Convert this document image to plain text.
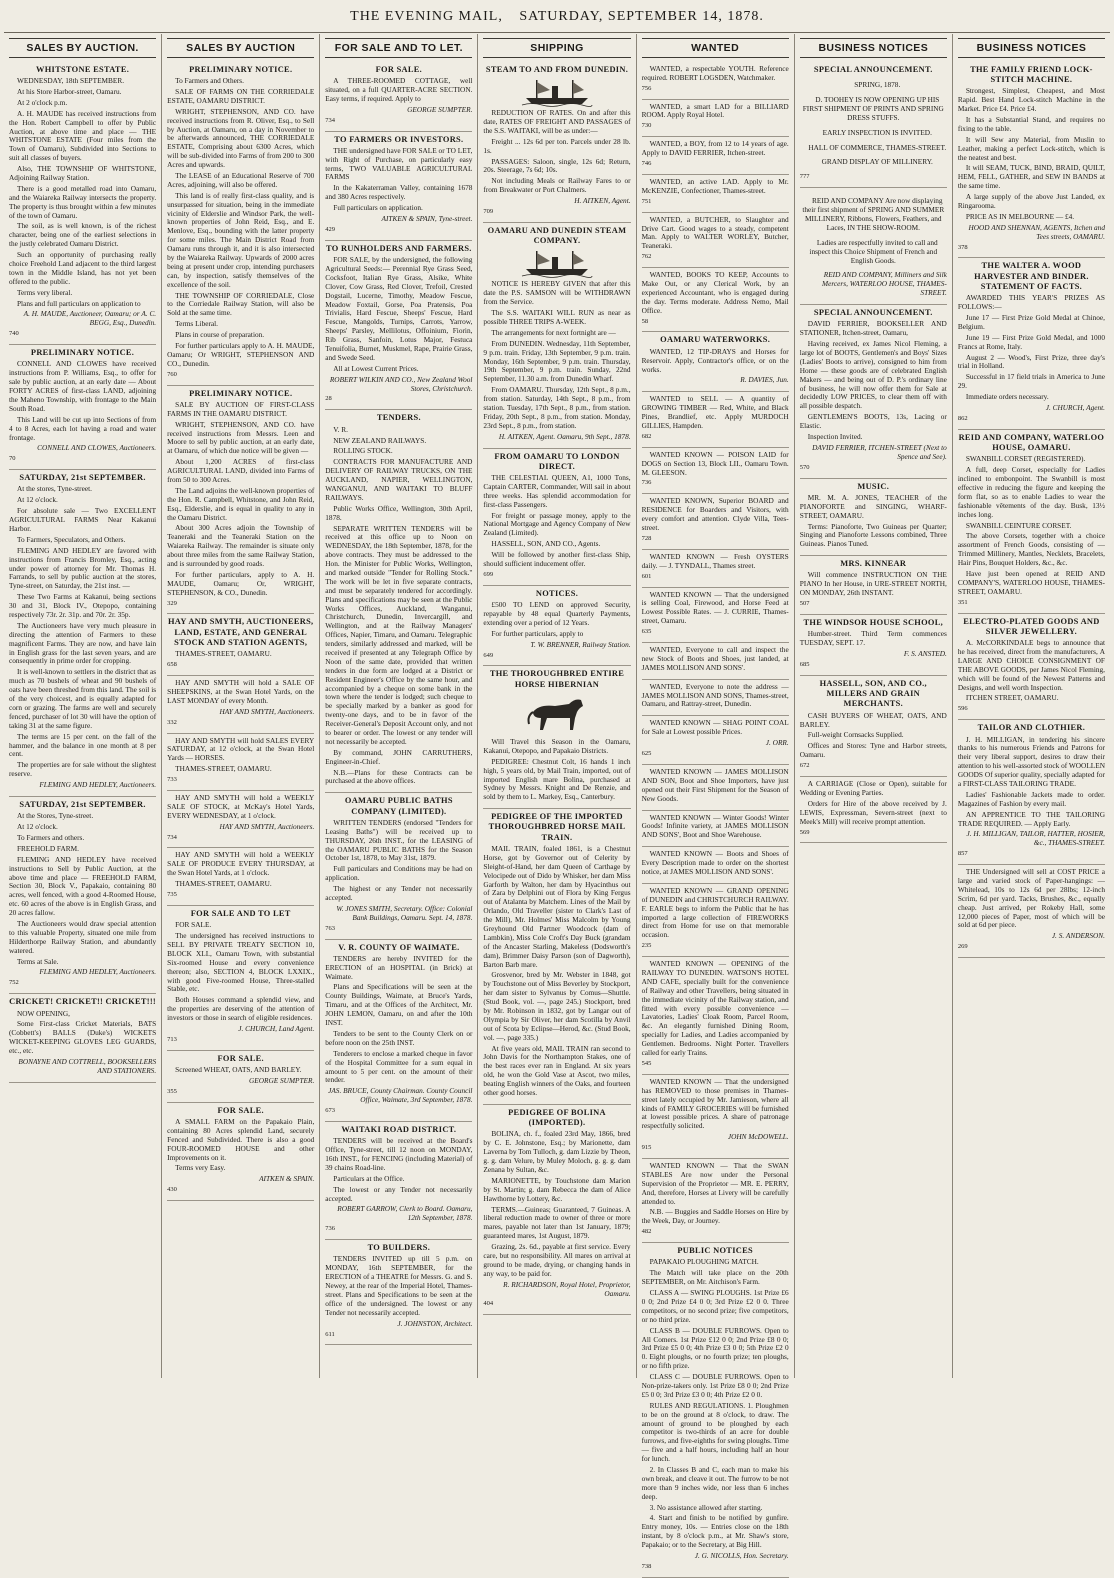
THE EVENING MAIL, SATURDAY, SEPTEMBER 14, 1878.
SALES BY AUCTION.

WHITSTONE ESTATE.

WEDNESDAY, 18th SEPTEMBER.

At his Store Harbor-street, Oamaru.

At 2 o'clock p.m.

A. H. MAUDE has received instructions from the Hon. Robert Campbell to offer by Public Auction, at above time and place — THE WHITSTONE ESTATE (Four miles from the Town of Oamaru), Subdivided into Sections to suit all classes of buyers.

Also, THE TOWNSHIP OF WHITSTONE, Adjoining Railway Station.

There is a good metalled road into Oamaru, and the Waiareka Railway intersects the property. The property is thus brought within a few minutes of the town of Oamaru.

The soil, as is well known, is of the richest character, being one of the earliest selections in the justly celebrated Oamaru District.

Such an opportunity of purchasing really choice Freehold Land adjacent to the third largest town in the Middle Island, has not yet been offered to the public.

Terms very liberal.

Plans and full particulars on application to

A. H. MAUDE, Auctioneer, Oamaru; or A. C. BEGG, Esq., Dunedin.

740

PRELIMINARY NOTICE.

CONNELL AND CLOWES have received instructions from P. Williams, Esq., to offer for sale by public auction, at an early date — About FORTY ACRES of first-class LAND, adjoining the Maheno Township, with frontage to the Main South Road.

This Land will be cut up into Sections of from 4 to 8 Acres, each lot having a road and water frontage.

CONNELL AND CLOWES, Auctioneers.

70

SATURDAY, 21st SEPTEMBER.

At the stores, Tyne-street.

At 12 o'clock.

For absolute sale — Two EXCELLENT AGRICULTURAL FARMS Near Kakanui Harbor.

To Farmers, Speculators, and Others.

FLEMING AND HEDLEY are favored with instructions from Francis Bromley, Esq., acting under power of attorney for Mr. Thomas H. Farrands, to sell by public auction at the stores, Tyne-street, on Saturday, the 21st inst. —

These Two Farms at Kakanui, being sections 30 and 31, Block IV., Otepopo, containing respectively 73r. 2r. 31p. and 70r. 2r. 35p.

The Auctioneers have very much pleasure in directing the attention of Farmers to these magnificent Farms. They are now, and have lain in English grass for the last seven years, and are consequently in prime order for cropping.

It is well-known to settlers in the district that as much as 70 bushels of wheat and 90 bushels of oats have been threshed from this land. The soil is of the very choicest, and is equally adapted for corn or grazing. The farms are well and securely fenced, purchaser of lot 30 will have the option of taking 31 at the same figure.

The terms are 15 per cent. on the fall of the hammer, and the balance in one month at 8 per cent.

The properties are for sale without the slightest reserve.

FLEMING AND HEDLEY, Auctioneers.

SATURDAY, 21st SEPTEMBER.

At the Stores, Tyne-street.

At 12 o'clock.

To Farmers and others.

FREEHOLD FARM.

FLEMING AND HEDLEY have received instructions to Sell by Public Auction, at the above time and place — FREEHOLD FARM, Section 30, Block V., Papakaio, containing 80 acres, well fenced, with a good 4-Roomed House, etc. 60 acres of the above is in English Grass, and 20 acres fallow.

The Auctioneers would draw special attention to this valuable Property, situated one mile from Hilderthorpe Railway Station, and abundantly watered.

Terms at Sale.

FLEMING AND HEDLEY, Auctioneers.

752

CRICKET! CRICKET!! CRICKET!!!

NOW OPENING,

Some First-class Cricket Materials, BATS (Cobbett's) BALLS (Duke's) WICKETS WICKET-KEEPING GLOVES LEG GUARDS, etc., etc.

BONAYNE AND COTTRELL, BOOKSELLERS AND STATIONERS.

SALES BY AUCTION

PRELIMINARY NOTICE.

To Farmers and Others.

SALE OF FARMS ON THE CORRIEDALE ESTATE, OAMARU DISTRICT.

WRIGHT, STEPHENSON, AND CO. have received instructions from R. Oliver, Esq., to Sell by Auction, at Oamaru, on a day in November to be afterwards announced, THE CORRIEDALE ESTATE, Comprising about 6300 Acres, which will be sub-divided into Farms of from 200 to 300 Acres and upwards.

The LEASE of an Educational Reserve of 700 Acres, adjoining, will also be offered.

This land is of really first-class quality, and is unsurpassed for situation, being in the immediate vicinity of Elderslie and Windsor Park, the well-known properties of John Reid, Esq., and E. Menlove, Esq., bounding with the latter property for some miles. The Main District Road from Oamaru runs through it, and it is also intersected by the Waiareka Railway. Upwards of 2000 acres being at present under crop, intending purchasers can, by inspection, satisfy themselves of the excellence of the soil.

THE TOWNSHIP OF CORRIEDALE, Close to the Corriedale Railway Station, will also be Sold at the same time.

Terms Liberal.

Plans in course of preparation.

For further particulars apply to A. H. MAUDE, Oamaru; Or WRIGHT, STEPHENSON AND CO., Dunedin.

760

PRELIMINARY NOTICE.

SALE BY AUCTION OF FIRST-CLASS FARMS IN THE OAMARU DISTRICT.

WRIGHT, STEPHENSON, AND CO. have received instructions from Messrs. Leen and Moore to sell by public auction, at an early date, at Oamaru, of which due notice will be given —

About 1,200 ACRES of first-class AGRICULTURAL LAND, divided into Farms of from 50 to 300 Acres.

The Land adjoins the well-known properties of the Hon. R. Campbell, Whitstone, and John Reid, Esq., Elderslie, and is equal in quality to any in the Oamaru District.

About 300 Acres adjoin the Township of Teaneraki and the Teaneraki Station on the Waiareka Railway. The remainder is situate only about three miles from the same Railway Station, and is surrounded by good roads.

For further particulars, apply to A. H. MAUDE, Oamaru; Or, WRIGHT, STEPHENSON, & CO., Dunedin.

329

HAY AND SMYTH, AUCTIONEERS, LAND, ESTATE, AND GENERAL STOCK AND STATION AGENTS,

THAMES-STREET, OAMARU.

658

HAY AND SMYTH will hold a SALE OF SHEEPSKINS, at the Swan Hotel Yards, on the LAST MONDAY of every Month.

HAY AND SMYTH, Auctioneers.

332

HAY AND SMYTH will hold SALES EVERY SATURDAY, at 12 o'clock, at the Swan Hotel Yards — HORSES.

THAMES-STREET, OAMARU.

733

HAY AND SMYTH will hold a WEEKLY SALE OF STOCK, at McKay's Hotel Yards, EVERY WEDNESDAY, at 1 o'clock.

HAY AND SMYTH, Auctioneers.

734

HAY AND SMYTH will hold a WEEKLY SALE OF PRODUCE EVERY THURSDAY, at the Swan Hotel Yards, at 1 o'clock.

THAMES-STREET, OAMARU.

735

FOR SALE AND TO LET

FOR SALE.

The undersigned has received instructions to SELL BY PRIVATE TREATY SECTION 10, BLOCK XLI., Oamaru Town, with substantial Six-roomed House and every convenience thereon; also, SECTION 4, BLOCK LXXIX., with good Five-roomed House, Three-stalled Stable, etc.

Both Houses command a splendid view, and the properties are deserving of the attention of investors or those in search of eligible residences.

J. CHURCH, Land Agent.

713

FOR SALE.

Screened WHEAT, OATS, AND BARLEY.

GEORGE SUMPTER.

355

FOR SALE.

A SMALL FARM on the Papakaio Plain, containing 80 Acres splendid Land, securely Fenced and Subdivided. There is also a good FOUR-ROOMED HOUSE and other Improvements on it.

Terms very Easy.

AITKEN & SPAIN.

430

FOR SALE AND TO LET.

FOR SALE.

A THREE-ROOMED COTTAGE, well situated, on a full QUARTER-ACRE SECTION. Easy terms, if required. Apply to

GEORGE SUMPTER.

734

TO FARMERS OR INVESTORS.

THE undersigned have FOR SALE or TO LET, with Right of Purchase, on particularly easy terms, TWO VALUABLE AGRICULTURAL FARMS

In the Kakaterraman Valley, containing 1678 and 380 Acres respectively.

Full particulars on application.

AITKEN & SPAIN, Tyne-street.

429

TO RUNHOLDERS AND FARMERS.

FOR SALE, by the undersigned, the following Agricultural Seeds:— Perennial Rye Grass Seed, Cocksfoot, Italian Rye Grass, Alsike, White Clover, Cow Grass, Red Clover, Trefoil, Crested Dogstail, Lucerne, Timothy, Meadow Fescue, Meadow Foxtail, Gorse, Poa Pratensis, Poa Trivialis, Hard Fescue, Sheeps' Fescue, Hard Fescue, Mangolds, Turnips, Carrots, Yarrow, Sheeps' Parsley, Mellilotus, Offoinium, Fiorin, Rib Grass, Sanfoin, Lotus Major, Festuca Tenuifolia, Burnet, Muskmel, Rape, Prairie Grass, and Swede Seed.

All at Lowest Current Prices.

ROBERT WILKIN AND CO., New Zealand Wool Stores, Christchurch.

28

TENDERS.

V. R.

NEW ZEALAND RAILWAYS.

ROLLING STOCK.

CONTRACTS FOR MANUFACTURE AND DELIVERY OF RAILWAY TRUCKS, ON THE AUCKLAND, NAPIER, WELLINGTON, WANGANUI, AND WAITAKI TO BLUFF RAILWAYS.

Public Works Office, Wellington, 30th April, 1878.

SEPARATE WRITTEN TENDERS will be received at this office up to Noon on WEDNESDAY, the 18th September, 1878, for the above contracts. They must be addressed to the Hon. the Minister for Public Works, Wellington, and marked outside "Tender for Rolling Stock." The work will be let in five separate contracts, and must be separately tendered for accordingly. Plans and specifications may be seen at the Public Works Offices, Auckland, Wanganui, Christchurch, Dunedin, Invercargill, and Wellington, and at the Railway Managers' Offices, Napier, Timaru, and Oamaru. Telegraphic tenders, similarly addressed and marked, will be received if presented at any Telegraph Office by Noon of the same date, provided that written tenders in due form are lodged at a District or Resident Engineer's Office by the same hour, and accompanied by a cheque on some bank in the town where the tender is lodged; such cheque to be specially marked by a banker as good for twenty-one days, and to be in favor of the Receiver-General's Deposit Account only, and not to bearer or order. The lowest or any tender will not necessarily be accepted.

By command, JOHN CARRUTHERS, Engineer-in-Chief.

N.B.—Plans for these Contracts can be purchased at the above offices.

OAMARU PUBLIC BATHS COMPANY (LIMITED).

WRITTEN TENDERS (endorsed "Tenders for Leasing Baths") will be received up to THURSDAY, 26th INST., for the LEASING of the OAMARU PUBLIC BATHS for the Season October 1st, 1878, to May 31st, 1879.

Full particulars and Conditions may be had on application.

The highest or any Tender not necessarily accepted.

W. JONES SMITH, Secretary. Office: Colonial Bank Buildings, Oamaru. Sept. 14, 1878.

763

V. R. COUNTY OF WAIMATE.

TENDERS are hereby INVITED for the ERECTION of an HOSPITAL (in Brick) at Waimate.

Plans and Specifications will be seen at the County Buildings, Waimate, at Bruce's Yards, Timaru, and at the Offices of the Architect, Mr. JOHN LEMON, Oamaru, on and after the 10th INST.

Tenders to be sent to the County Clerk on or before noon on the 25th INST.

Tenderers to enclose a marked cheque in favor of the Hospital Committee for a sum equal in amount to 5 per cent. on the amount of their tender.

JAS. BRUCE, County Chairman. County Council Office, Waimate, 3rd September, 1878.

673

WAITAKI ROAD DISTRICT.

TENDERS will be received at the Board's Office, Tyne-street, till 12 noon on MONDAY, 16th INST., for FENCING (including Material) of 39 chains Road-line.

Particulars at the Office.

The lowest or any Tender not necessarily accepted.

ROBERT GARROW, Clerk to Board. Oamaru, 12th September, 1878.

736

TO BUILDERS.

TENDERS INVITED up till 5 p.m. on MONDAY, 16th SEPTEMBER, for the ERECTION of a THEATRE for Messrs. G. and S. Newey, at the rear of the Imperial Hotel, Thames-street. Plans and Specifications to be seen at the office of the undersigned. The lowest or any Tender not necessarily accepted.

J. JOHNSTON, Architect.

611

SHIPPING

STEAM TO AND FROM DUNEDIN.

REDUCTION OF RATES. On and after this date, RATES OF FREIGHT AND PASSAGES of the S.S. WAITAKI, will be as under:—

Freight ... 12s 6d per ton. Parcels under 28 lb. 1s.

PASSAGES: Saloon, single, 12s 6d; Return, 20s. Steerage, 7s 6d; 10s.

Not including Meals or Railway Fares to or from Breakwater or Port Chalmers.

H. AITKEN, Agent.

709

OAMARU AND DUNEDIN STEAM COMPANY.

NOTICE IS HEREBY GIVEN that after this date the P.S. SAMSON will be WITHDRAWN from the Service.

The S.S. WAITAKI WILL RUN as near as possible THREE TRIPS A-WEEK.

The arrangements for next fortnight are —

From DUNEDIN. Wednesday, 11th September, 9 p.m. train. Friday, 13th September, 9 p.m. train. Monday, 16th September, 9 p.m. train. Thursday, 19th September, 9 p.m. train. Sunday, 22nd September, 11.30 a.m. from Dunedin Wharf.

From OAMARU. Thursday, 12th Sept., 8 p.m., from station. Saturday, 14th Sept., 8 p.m., from station. Tuesday, 17th Sept., 8 p.m., from station. Friday, 20th Sept., 8 p.m., from station. Monday, 23rd Sept., 8 p.m., from station.

H. AITKEN, Agent. Oamaru, 9th Sept., 1878.

FROM OAMARU TO LONDON DIRECT.

THE CELESTIAL QUEEN, A1, 1000 Tons, Captain CARTER, Commander, Will sail in about three weeks. Has splendid accommodation for first-class Passengers.

For freight or passage money, apply to the National Mortgage and Agency Company of New Zealand (Limited).

HASSELL, SON, AND CO., Agents.

Will be followed by another first-class Ship, should sufficient inducement offer.

699

NOTICES.

£500 TO LEND on approved Security, repayable by 48 equal Quarterly Payments, extending over a period of 12 Years.

For further particulars, apply to

T. W. BRENNER, Railway Station.

649

THE THOROUGHBRED ENTIRE HORSE HIBERNIAN

Will Travel this Season in the Oamaru, Kakanui, Otepopo, and Papakaio Districts.

PEDIGREE: Chestnut Colt, 16 hands 1 inch high, 5 years old, by Mail Train, imported, out of imported English mare Bolina, purchased at Sydney by Messrs. Knight and De Renzie, and sold by them to L. Markey, Esq., Canterbury.

PEDIGREE OF THE IMPORTED THOROUGHBRED HORSE MAIL TRAIN.

MAIL TRAIN, foaled 1861, is a Chestnut Horse, got by Governor out of Celerity by Sleight-of-Hand, her dam Queen of Carthage by Velocipede out of Dido by Whisker, her dam Miss Garforth by Walton, her dam by Hyacinthus out of Zara by Delphini out of Flora by King Fergus out of Atalanta by Matchem. Lines of the Mail by Orlando, Old Traveller (sister to Clark's Last of the Mill), Mr. Holmes' Miss Malcolm by Young Greyhound Old Partner Woodcock (dam of Lambkin), Miss Cole Croft's Day Buck (grandam of the Ancaster Starling, Makeless (Dodsworth's dam), Brimmer Daisy Parson (son of Dagworth), Barton Barb mare.

Grosvenor, bred by Mr. Webster in 1848, got by Touchstone out of Miss Beverley by Stockport, her dam sister to Sylvanus by Comus—Shuttle. (Stud Book, vol. —, page 245.) Stockport, bred by Mr. Robinson in 1832, got by Langar out of Olympia by Sir Oliver, her dam Scotilla by Anvil out of Scota by Eclipse—Herod, &c. (Stud Book, vol. —, page 335.)

At five years old, MAIL TRAIN ran second to John Davis for the Northampton Stakes, one of the best races ever ran in England. At six years old, he won the Gold Vase at Ascot, two miles, beating English winners of the Oaks, and fourteen other good horses.

PEDIGREE OF BOLINA (IMPORTED).

BOLINA, ch. f., foaled 23rd May, 1866, bred by C. E. Johnstone, Esq.; by Marionette, dam Laverna by Tom Tulloch, g. dam Lizzie by Theon, g. g. dam Velure, by Muley Moloch, g. g. g. dam Zenana by Sultan, &c.

MARIONETTE, by Touchstone dam Marion by St. Martin; g. dam Rebecca the dam of Alice Hawthorne by Lottery, &c.

TERMS.—Guineas; Guaranteed, 7 Guineas. A liberal reduction made to owner of three or more mares, payable not later than 1st January, 1879; guaranteed mares, 1st August, 1879.

Grazing, 2s. 6d., payable at first service. Every care, but no responsibility. All mares on arrival at ground to be made, drying, or changing hands in any way, to be paid for.

R. RICHARDSON, Royal Hotel, Proprietor, Oamaru.

404

WANTED

WANTED, a respectable YOUTH. Reference required. ROBERT LOGSDEN, Watchmaker.

756

WANTED, a smart LAD for a BILLIARD ROOM. Apply Royal Hotel.

730

WANTED, a BOY, from 12 to 14 years of age. Apply to DAVID FERRIER, Itchen-street.

746

WANTED, an active LAD. Apply to Mr. McKENZIE, Confectioner, Thames-street.

751

WANTED, a BUTCHER, to Slaughter and Drive Cart. Good wages to a steady, competent Man. Apply to WALTER WORLEY, Butcher, Teaneraki.

762

WANTED, BOOKS TO KEEP, Accounts to Make Out, or any Clerical Work, by an experienced Accountant, who is engaged during the day. Terms moderate. Address Nemo, Mail Office.

58

OAMARU WATERWORKS.

WANTED, 12 TIP-DRAYS and Horses for Reservoir. Apply, Contractor's office, or on the works.

R. DAVIES, Jun.

WANTED to SELL — A quantity of GROWING TIMBER — Red, White, and Black Pines, Brandlief, etc. Apply MURDOCH GILLIES, Hampden.

682

WANTED KNOWN — POISON LAID for DOGS on Section 13, Block LII., Oamaru Town. M. GLEESON.

736

WANTED KNOWN, Superior BOARD and RESIDENCE for Boarders and Visitors, with every comfort and attention. Clyde Villa, Tees-street.

728

WANTED KNOWN — Fresh OYSTERS daily. — J. TYNDALL, Thames street.

601

WANTED KNOWN — That the undersigned is selling Coal, Firewood, and Horse Feed at Lowest Possible Rates. — J. CURRIE, Thames-street, Oamaru.

635

WANTED, Everyone to call and inspect the new Stock of Boots and Shoes, just landed, at JAMES MOLLISON AND SONS'.

WANTED, Everyone to note the address — JAMES MOLLISON AND SONS, Thames-street, Oamaru, and Rattray-street, Dunedin.

WANTED KNOWN — SHAG POINT COAL for Sale at Lowest possible Prices.

J. ORR.

625

WANTED KNOWN — JAMES MOLLISON AND SON, Boot and Shoe Importers, have just opened out their First Shipment for the Season of New Goods.

WANTED KNOWN — Winter Goods! Winter Goods! Infinite variety, at JAMES MOLLISON AND SONS', Boot and Shoe Warehouse.

WANTED KNOWN — Boots and Shoes of Every Description made to order on the shortest notice, at JAMES MOLLISON AND SONS'.

WANTED KNOWN — GRAND OPENING of DUNEDIN and CHRISTCHURCH RAILWAY. F. EARLE begs to inform the Public that he has imported a large collection of FIREWORKS direct from Home for use on that memorable occasion.

235

WANTED KNOWN — OPENING of the RAILWAY TO DUNEDIN. WATSON'S HOTEL AND CAFE, specially built for the convenience of Railway and other Travellers, being situated in the immediate vicinity of the Railway station, and fitted with every possible convenience — Lavatories, Ladies' Cloak Room, Parcel Room, &c. An elegantly furnished Dining Room, specially for Ladies, and Ladies accompanied by Gentlemen. Bedrooms. Night Porter. Travellers called for early Trains.

545

WANTED KNOWN — That the undersigned has REMOVED to those premises in Thames-street lately occupied by Mr. Jamieson, where all kinds of FAMILY GROCERIES will be furnished at lowest possible prices. A share of patronage respectfully solicited.

JOHN McDOWELL.

915

WANTED KNOWN — That the SWAN STABLES Are now under the Personal Supervision of the Proprietor — MR. E. PERRY, And, therefore, Horses at Livery will be carefully attended to.

N.B. — Buggies and Saddle Horses on Hire by the Week, Day, or Journey.

482

PUBLIC NOTICES

PAPAKAIO PLOUGHING MATCH.

The Match will take place on the 20th SEPTEMBER, on Mr. Aitchison's Farm.

CLASS A — SWING PLOUGHS. 1st Prize £6 0 0; 2nd Prize £4 0 0; 3rd Prize £2 0 0. Three competitors, or no second prize; five competitors, or no third prize.

CLASS B — DOUBLE FURROWS. Open to All Comers. 1st Prize £12 0 0; 2nd Prize £8 0 0; 3rd Prize £5 0 0; 4th Prize £3 0 0; 5th Prize £2 0 0. Eight ploughs, or no fourth prize; ten ploughs, or no fifth prize.

CLASS C — DOUBLE FURROWS. Open to Non-prize-takers only. 1st Prize £8 0 0; 2nd Prize £5 0 0; 3rd Prize £3 0 0; 4th Prize £2 0 0.

RULES AND REGULATIONS. 1. Ploughmen to be on the ground at 8 o'clock, to draw. The amount of ground to be ploughed by each competitor is two-thirds of an acre for double furrows, and five-eighths for swing ploughs. Time — five and a half hours, including half an hour for lunch.

2. In Classes B and C, each man to make his own break, and cleave it out. The furrow to be not more than 9 inches wide, nor less than 6 inches deep.

3. No assistance allowed after starting.

4. Start and finish to be notified by gunfire. Entry money, 10s. — Entries close on the 18th instant, by 8 o'clock p.m., at Mr. Shaw's store, Papakaio; or to the Secretary, at Big Hill.

J. G. NICOLLS, Hon. Secretary.

738

BUSINESS NOTICES

SPECIAL ANNOUNCEMENT.

SPRING, 1878.

D. TOOHEY IS NOW OPENING UP HIS FIRST SHIPMENT OF PRINTS AND SPRING DRESS STUFFS.

EARLY INSPECTION IS INVITED.

HALL OF COMMERCE, THAMES-STREET.

GRAND DISPLAY OF MILLINERY.

777

REID AND COMPANY Are now displaying their first shipment of SPRING AND SUMMER MILLINERY, Ribbons, Flowers, Feathers, and Laces, IN THE SHOW-ROOM.

Ladies are respectfully invited to call and inspect this Choice Shipment of French and English Goods.

REID AND COMPANY, Milliners and Silk Mercers, WATERLOO HOUSE, THAMES-STREET.

SPECIAL ANNOUNCEMENT.

DAVID FERRIER, BOOKSELLER AND STATIONER, Itchen-street, Oamaru,

Having received, ex James Nicol Fleming, a large lot of BOOTS, Gentlemen's and Boys' Sizes (Ladies' Boots to arrive), consigned to him from Home — these goods are of celebrated English Makers — and being out of D. P.'s ordinary line of business, he will now offer them for Sale at decidedly LOW PRICES, to clear them off with all possible despatch.

GENTLEMEN'S BOOTS, 13s, Lacing or Elastic.

Inspection Invited.

DAVID FERRIER, ITCHEN-STREET (Next to Spence and See).

570

MUSIC.

MR. M. A. JONES, TEACHER of the PIANOFORTE and SINGING, WHARF-STREET, OAMARU.

Terms: Pianoforte, Two Guineas per Quarter; Singing and Pianoforte Lessons combined, Three Guineas. Pianos Tuned.

MRS. KINNEAR

Will commence INSTRUCTION ON THE PIANO In her House, in URE-STREET NORTH, ON MONDAY, 26th INSTANT.

507

THE WINDSOR HOUSE SCHOOL,

Humber-street. Third Term commences TUESDAY, SEPT. 17.

F. S. ANSTED.

685

HASSELL, SON, AND CO., MILLERS AND GRAIN MERCHANTS.

CASH BUYERS OF WHEAT, OATS, AND BARLEY.

Full-weight Cornsacks Supplied.

Offices and Stores: Tyne and Harbor streets, Oamaru.

672

A CARRIAGE (Close or Open), suitable for Wedding or Evening Parties.

Orders for Hire of the above received by J. LEWIS, Expressman, Severn-street (next to Meek's Mill) will receive prompt attention.

569

BUSINESS NOTICES

THE FAMILY FRIEND LOCK-STITCH MACHINE.

Strongest, Simplest, Cheapest, and Most Rapid. Best Hand Lock-stitch Machine in the Market. Price £4. Price £4.

It has a Substantial Stand, and requires no fixing to the table.

It will Sew any Material, from Muslin to Leather, making a perfect Lock-stitch, which is the neatest and best.

It will SEAM, TUCK, BIND, BRAID, QUILT, HEM, FELL, GATHER, and SEW IN BANDS at the same time.

A large supply of the above Just Landed, ex Ringarooma.

PRICE AS IN MELBOURNE — £4.

HOOD AND SHENNAN, AGENTS, Itchen and Tees streets, OAMARU.

378

THE WALTER A. WOOD HARVESTER AND BINDER. STATEMENT OF FACTS.

AWARDED THIS YEAR'S PRIZES AS FOLLOWS:—

June 17 — First Prize Gold Medal at Chinoe, Belgium.

June 19 — First Prize Gold Medal, and 1000 Francs at Rome, Italy.

August 2 — Wood's, First Prize, three day's trial in Holland.

Successful in 17 field trials in America to June 29.

Immediate orders necessary.

J. CHURCH, Agent.

862

REID AND COMPANY, WATERLOO HOUSE, OAMARU.

SWANBILL CORSET (REGISTERED).

A full, deep Corset, especially for Ladies inclined to embonpoint. The Swanbill is most effective in reducing the figure and keeping the form flat, so as to enable Ladies to wear the fashionable vêtements of the day. Busk, 13½ inches long.

SWANBILL CEINTURE CORSET.

The above Corsets, together with a choice assortment of French Goods, consisting of — Trimmed Millinery, Mantles, Necklets, Bracelets, Hair Pins, Bouquet Holders, &c., &c.

Have just been opened at REID AND COMPANY'S, WATERLOO HOUSE, THAMES-STREET, OAMARU.

351

ELECTRO-PLATED GOODS AND SILVER JEWELLERY.

A. McCORKINDALE begs to announce that he has received, direct from the manufacturers, A LARGE AND CHOICE CONSIGNMENT OF THE ABOVE GOODS, per James Nicol Fleming, which will be found of the Newest Patterns and Designs, and well worth Inspection.

ITCHEN STREET, OAMARU.

596

TAILOR AND CLOTHIER.

J. H. MILLIGAN, in tendering his sincere thanks to his numerous Friends and Patrons for their very liberal support, desires to draw their attention to his well-assorted stock of WOOLLEN GOODS Of superior quality, specially adapted for a FIRST-CLASS TAILORING TRADE.

Ladies' Fashionable Jackets made to order. Magazines of Fashion by every mail.

AN APPRENTICE TO THE TAILORING TRADE REQUIRED. — Apply Early.

J. H. MILLIGAN, TAILOR, HATTER, HOSIER, &c., THAMES-STREET.

857

THE Undersigned will sell at COST PRICE a large and varied stock of Paper-hangings: — Whitelead, 10s to 12s 6d per 28lbs; 12-inch Scrim, 6d per yard. Tacks, Brushes, &c., equally cheap. Just arrived, per Rokeby Hall, some 12,000 pieces of Paper, most of which will be sold at 6d per piece.

J. S. ANDERSON.

269
